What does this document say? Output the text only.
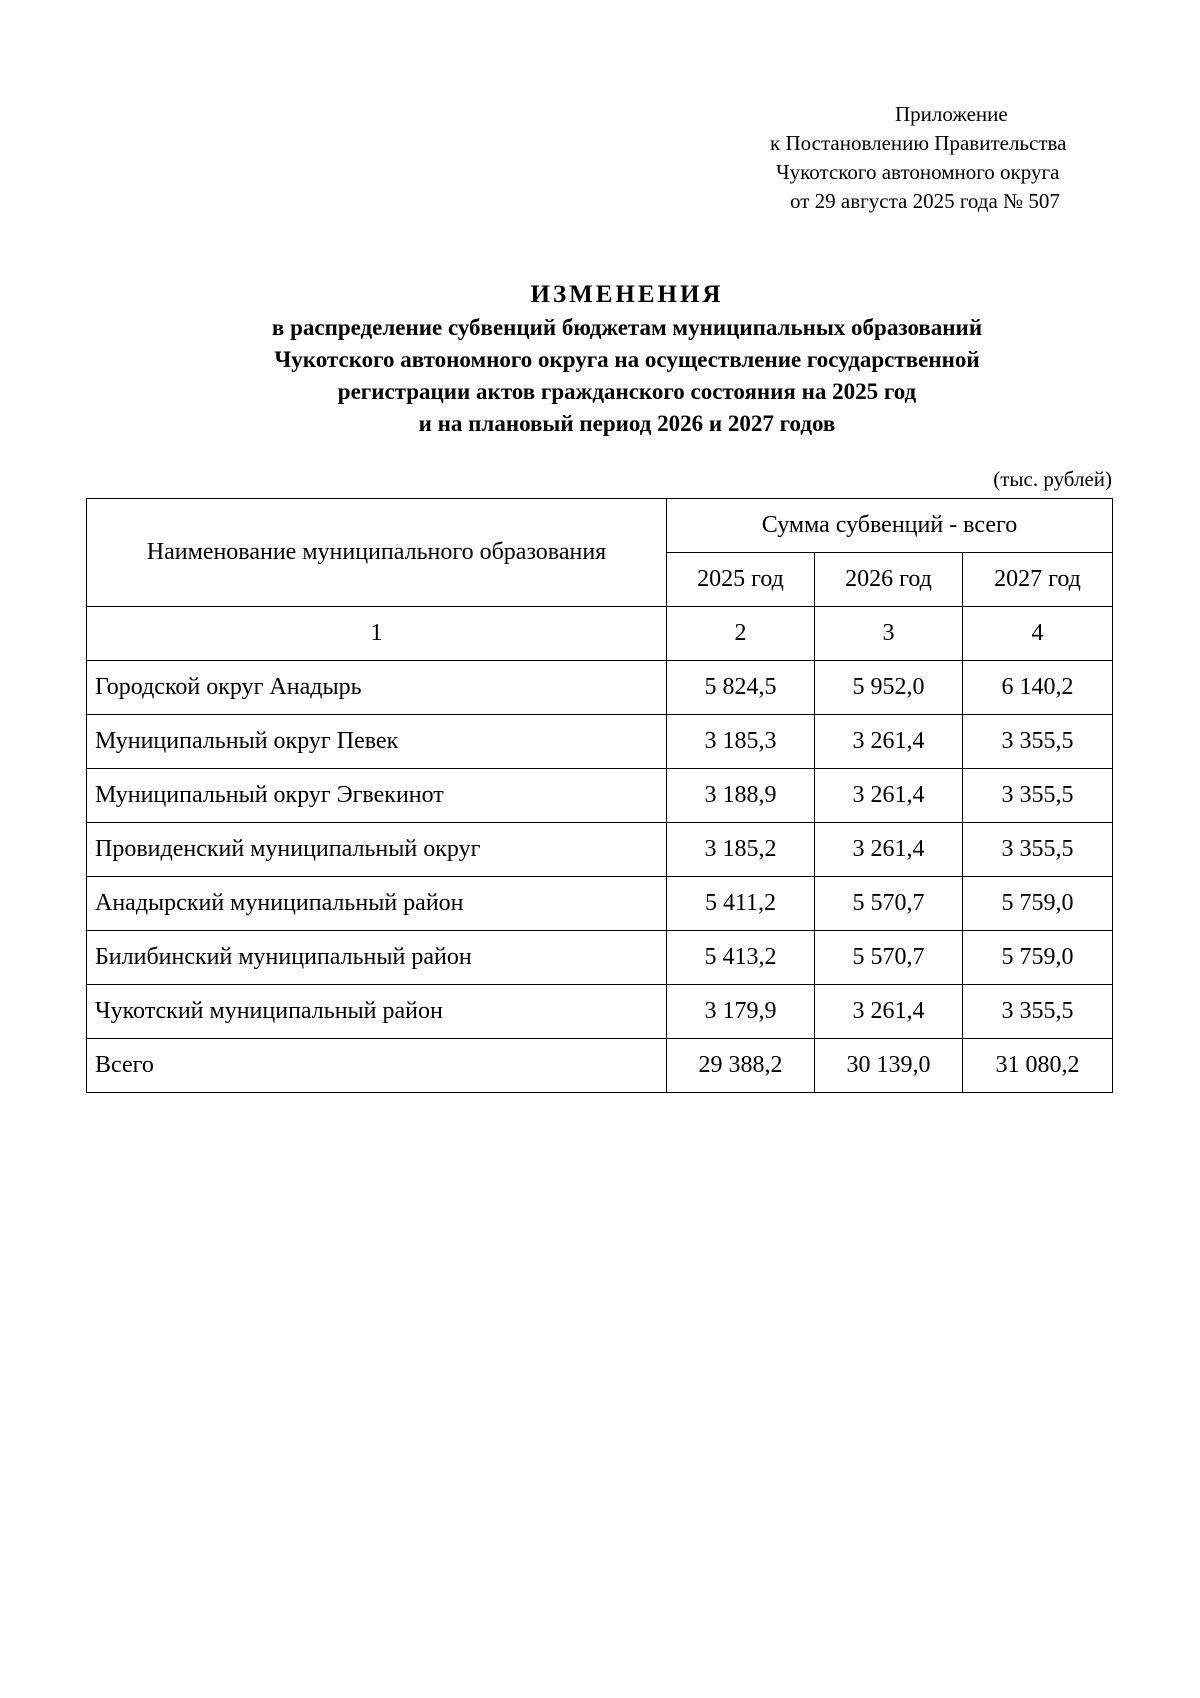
Приложение
к Постановлению Правительства
Чукотского автономного округа
от 29 августа 2025 года № 507
ИЗМЕНЕНИЯ
в распределение субвенций бюджетам муниципальных образований
Чукотского автономного округа на осуществление государственной
регистрации актов гражданского состояния на 2025 год
и на плановый период 2026 и 2027 годов
(тыс. рублей)
Наименование муниципального образования	Сумма субвенций - всего		
	2025 год	2026 год	2027 год
1	2	3	4
Городской округ Анадырь	5 824,5	5 952,0	6 140,2
Муниципальный округ Певек	3 185,3	3 261,4	3 355,5
Муниципальный округ Эгвекинот	3 188,9	3 261,4	3 355,5
Провиденский муниципальный округ	3 185,2	3 261,4	3 355,5
Анадырский муниципальный район	5 411,2	5 570,7	5 759,0
Билибинский муниципальный район	5 413,2	5 570,7	5 759,0
Чукотский муниципальный район	3 179,9	3 261,4	3 355,5
Всего	29 388,2	30 139,0	31 080,2
